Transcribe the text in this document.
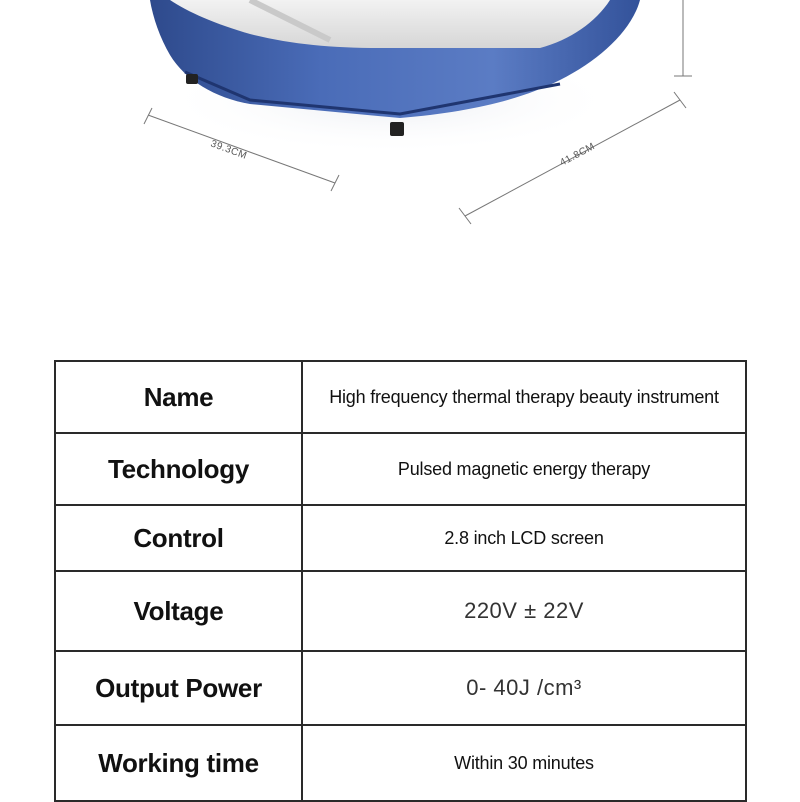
39.3CM	41.8CM
Name	High frequency thermal therapy beauty instrument
Technology	Pulsed magnetic energy therapy
Control	2.8 inch LCD screen
Voltage	220V ± 22V
Output Power	0- 40J /cm³
Working time	Within 30 minutes
